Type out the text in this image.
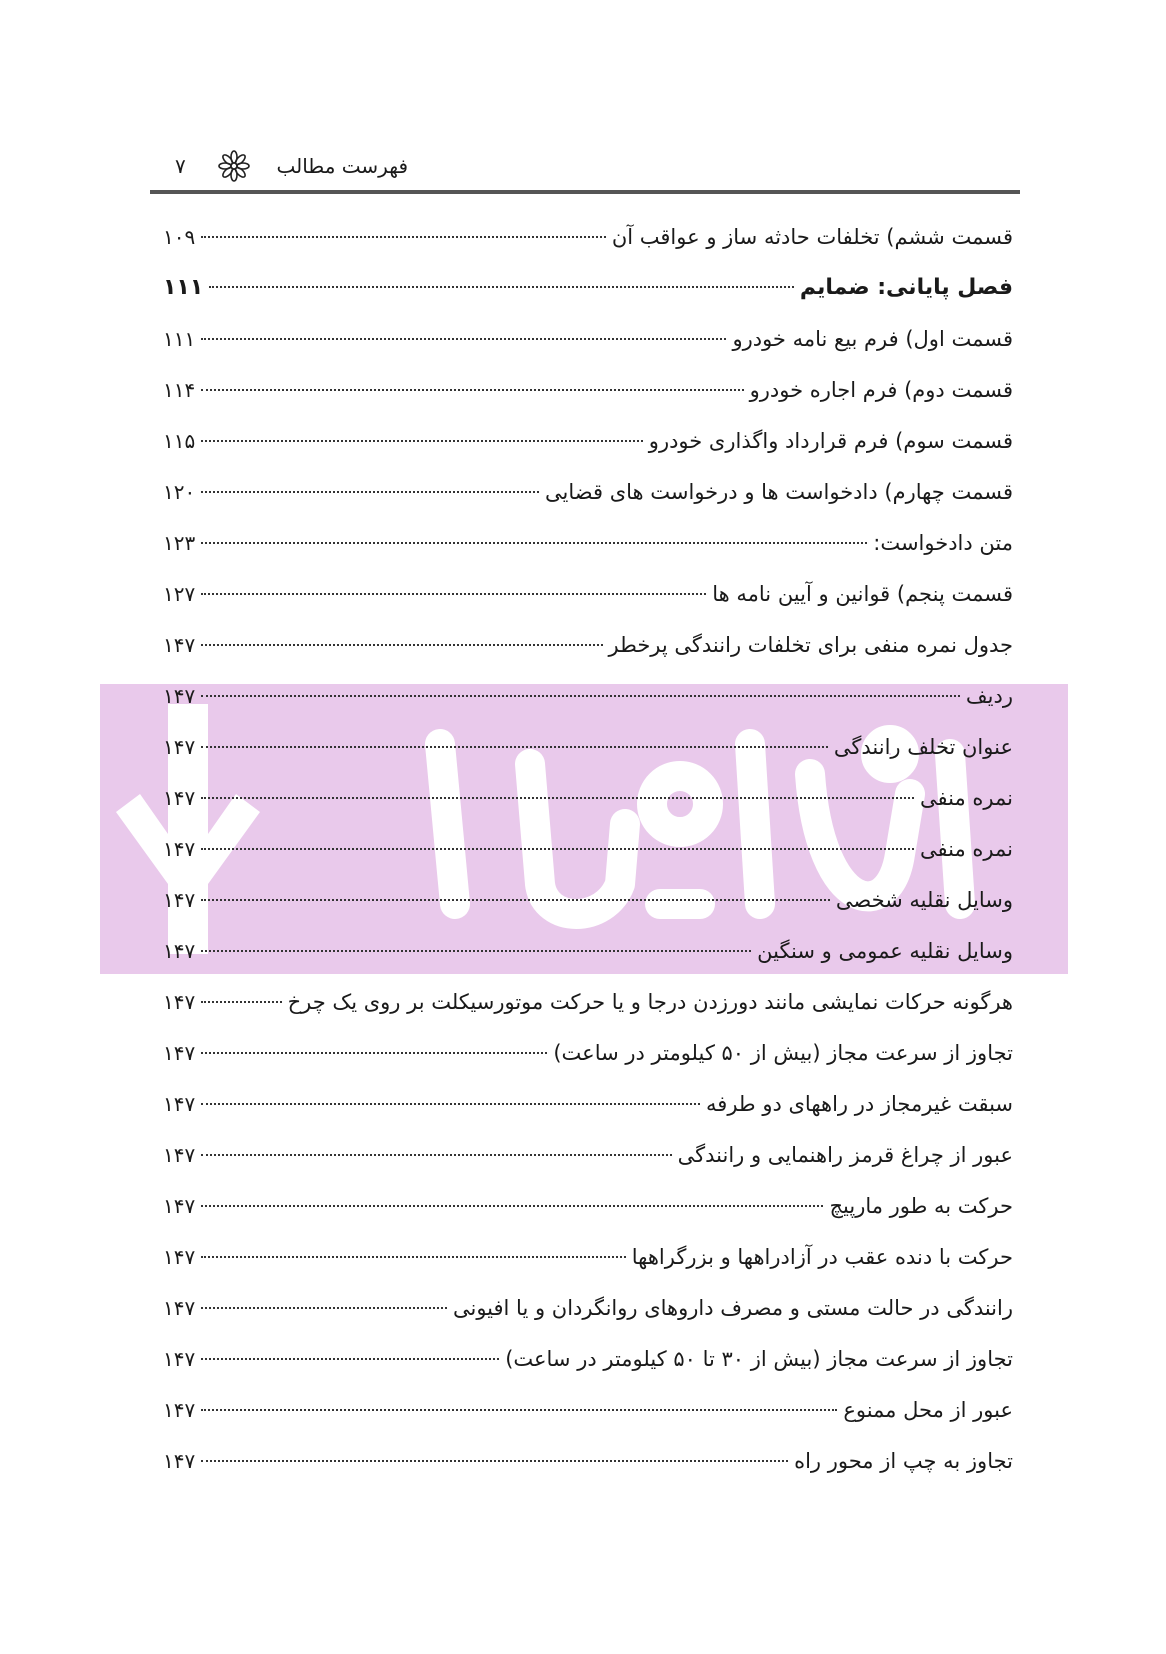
فهرست مطالب
۷
قسمت ششم) تخلفات حادثه ساز و عواقب آن
۱۰۹
فصل پایانی: ضمایم
۱۱۱
قسمت اول) فرم بیع نامه خودرو
۱۱۱
قسمت دوم) فرم اجاره خودرو
۱۱۴
قسمت سوم) فرم قرارداد واگذاری خودرو
۱۱۵
قسمت چهارم) دادخواست ها و درخواست های قضایی
۱۲۰
متن دادخواست:
۱۲۳
قسمت پنجم) قوانین و آیین نامه ها
۱۲۷
جدول نمره منفی برای تخلفات رانندگی پرخطر
۱۴۷
ردیف
۱۴۷
عنوان تخلف رانندگی
۱۴۷
نمره منفی
۱۴۷
نمره منفی
۱۴۷
وسایل نقلیه شخصی
۱۴۷
وسایل نقلیه عمومی و سنگین
۱۴۷
هرگونه حرکات نمایشی مانند دورزدن درجا و یا حرکت موتورسیکلت بر روی یک چرخ
۱۴۷
تجاوز از سرعت مجاز (بیش از ۵۰ کیلومتر در ساعت)
۱۴۷
سبقت غیرمجاز در راههای دو طرفه
۱۴۷
عبور از چراغ قرمز راهنمایی و رانندگی
۱۴۷
حرکت به طور مارپیچ
۱۴۷
حرکت با دنده عقب در آزادراهها و بزرگراهها
۱۴۷
رانندگی در حالت مستی و مصرف داروهای روانگردان و یا افیونی
۱۴۷
تجاوز از سرعت مجاز (بیش از ۳۰ تا ۵۰ کیلومتر در ساعت)
۱۴۷
عبور از محل ممنوع
۱۴۷
تجاوز به چپ از محور راه
۱۴۷
